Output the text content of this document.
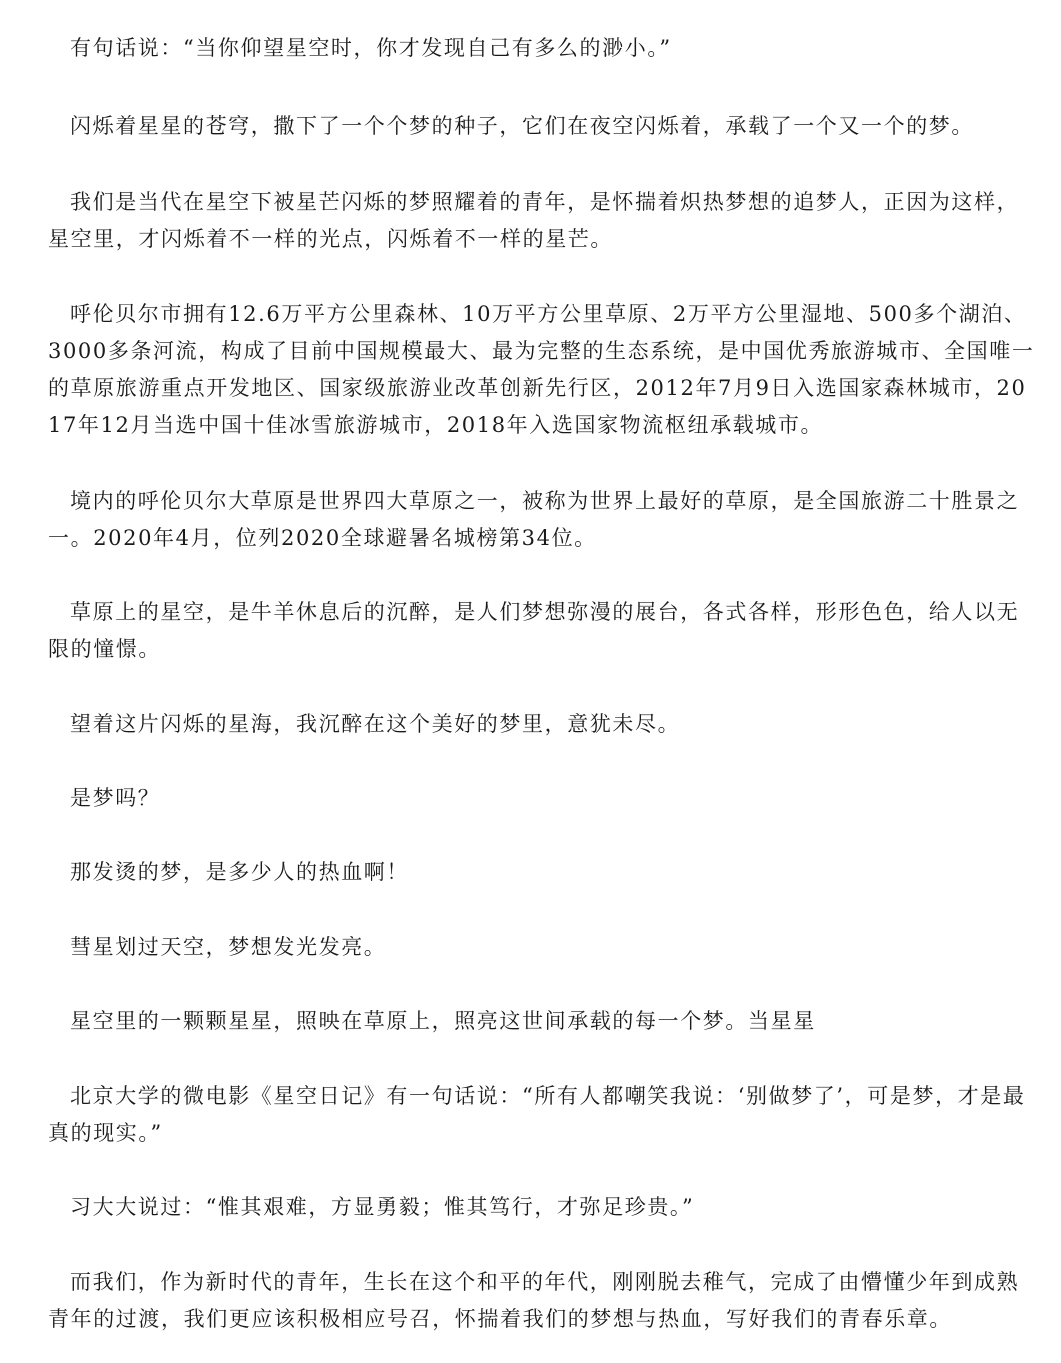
有句话说：“当你仰望星空时，你才发现自己有多么的渺小。”

闪烁着星星的苍穹，撒下了一个个梦的种子，它们在夜空闪烁着，承载了一个又一个的梦。

我们是当代在星空下被星芒闪烁的梦照耀着的青年，是怀揣着炽热梦想的追梦人，正因为这样，星空里，才闪烁着不一样的光点，闪烁着不一样的星芒。

呼伦贝尔市拥有12.6万平方公里森林、10万平方公里草原、2万平方公里湿地、500多个湖泊、3000多条河流，构成了目前中国规模最大、最为完整的生态系统，是中国优秀旅游城市、全国唯一的草原旅游重点开发地区、国家级旅游业改革创新先行区，2012年7月9日入选国家森林城市，2017年12月当选中国十佳冰雪旅游城市，2018年入选国家物流枢纽承载城市。

境内的呼伦贝尔大草原是世界四大草原之一，被称为世界上最好的草原，是全国旅游二十胜景之一。2020年4月，位列2020全球避暑名城榜第34位。

草原上的星空，是牛羊休息后的沉醉，是人们梦想弥漫的展台，各式各样，形形色色，给人以无限的憧憬。

望着这片闪烁的星海，我沉醉在这个美好的梦里，意犹未尽。

是梦吗？

那发烫的梦，是多少人的热血啊！

彗星划过天空，梦想发光发亮。

星空里的一颗颗星星，照映在草原上，照亮这世间承载的每一个梦。当星星

北京大学的微电影《星空日记》有一句话说：“所有人都嘲笑我说：‘别做梦了’，可是梦，才是最真的现实。”

习大大说过：“惟其艰难，方显勇毅；惟其笃行，才弥足珍贵。”

而我们，作为新时代的青年，生长在这个和平的年代，刚刚脱去稚气，完成了由懵懂少年到成熟青年的过渡，我们更应该积极相应号召，怀揣着我们的梦想与热血，写好我们的青春乐章。
